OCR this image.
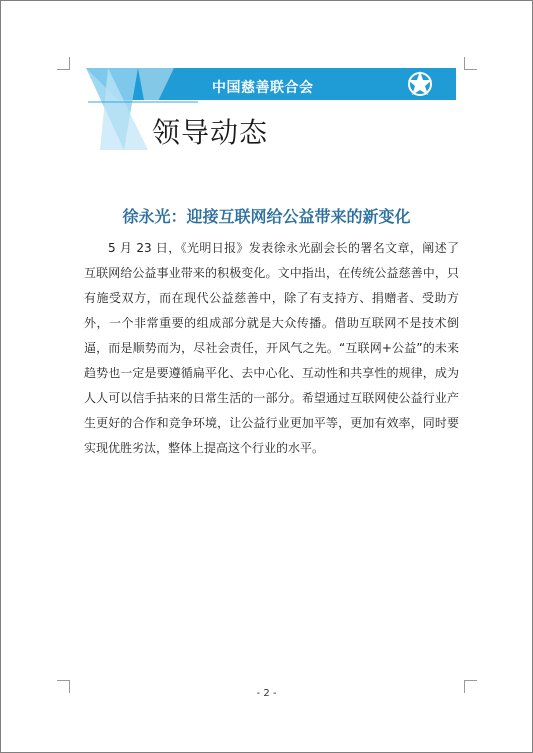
中国慈善联合会
领导动态
徐永光：迎接互联网给公益带来的新变化
5 月 23 日，《光明日报》发表徐永光副会长的署名文章，阐述了互联网给公益事业带来的积极变化。文中指出，在传统公益慈善中，只有施受双方，而在现代公益慈善中，除了有支持方、捐赠者、受助方外，一个非常重要的组成部分就是大众传播。借助互联网不是技术倒逼，而是顺势而为，尽社会责任，开风气之先。“互联网+公益”的未来趋势也一定是要遵循扁平化、去中心化、互动性和共享性的规律，成为人人可以信手拈来的日常生活的一部分。希望通过互联网使公益行业产生更好的合作和竞争环境，让公益行业更加平等，更加有效率，同时要实现优胜劣汰，整体上提高这个行业的水平。
- 2 -
